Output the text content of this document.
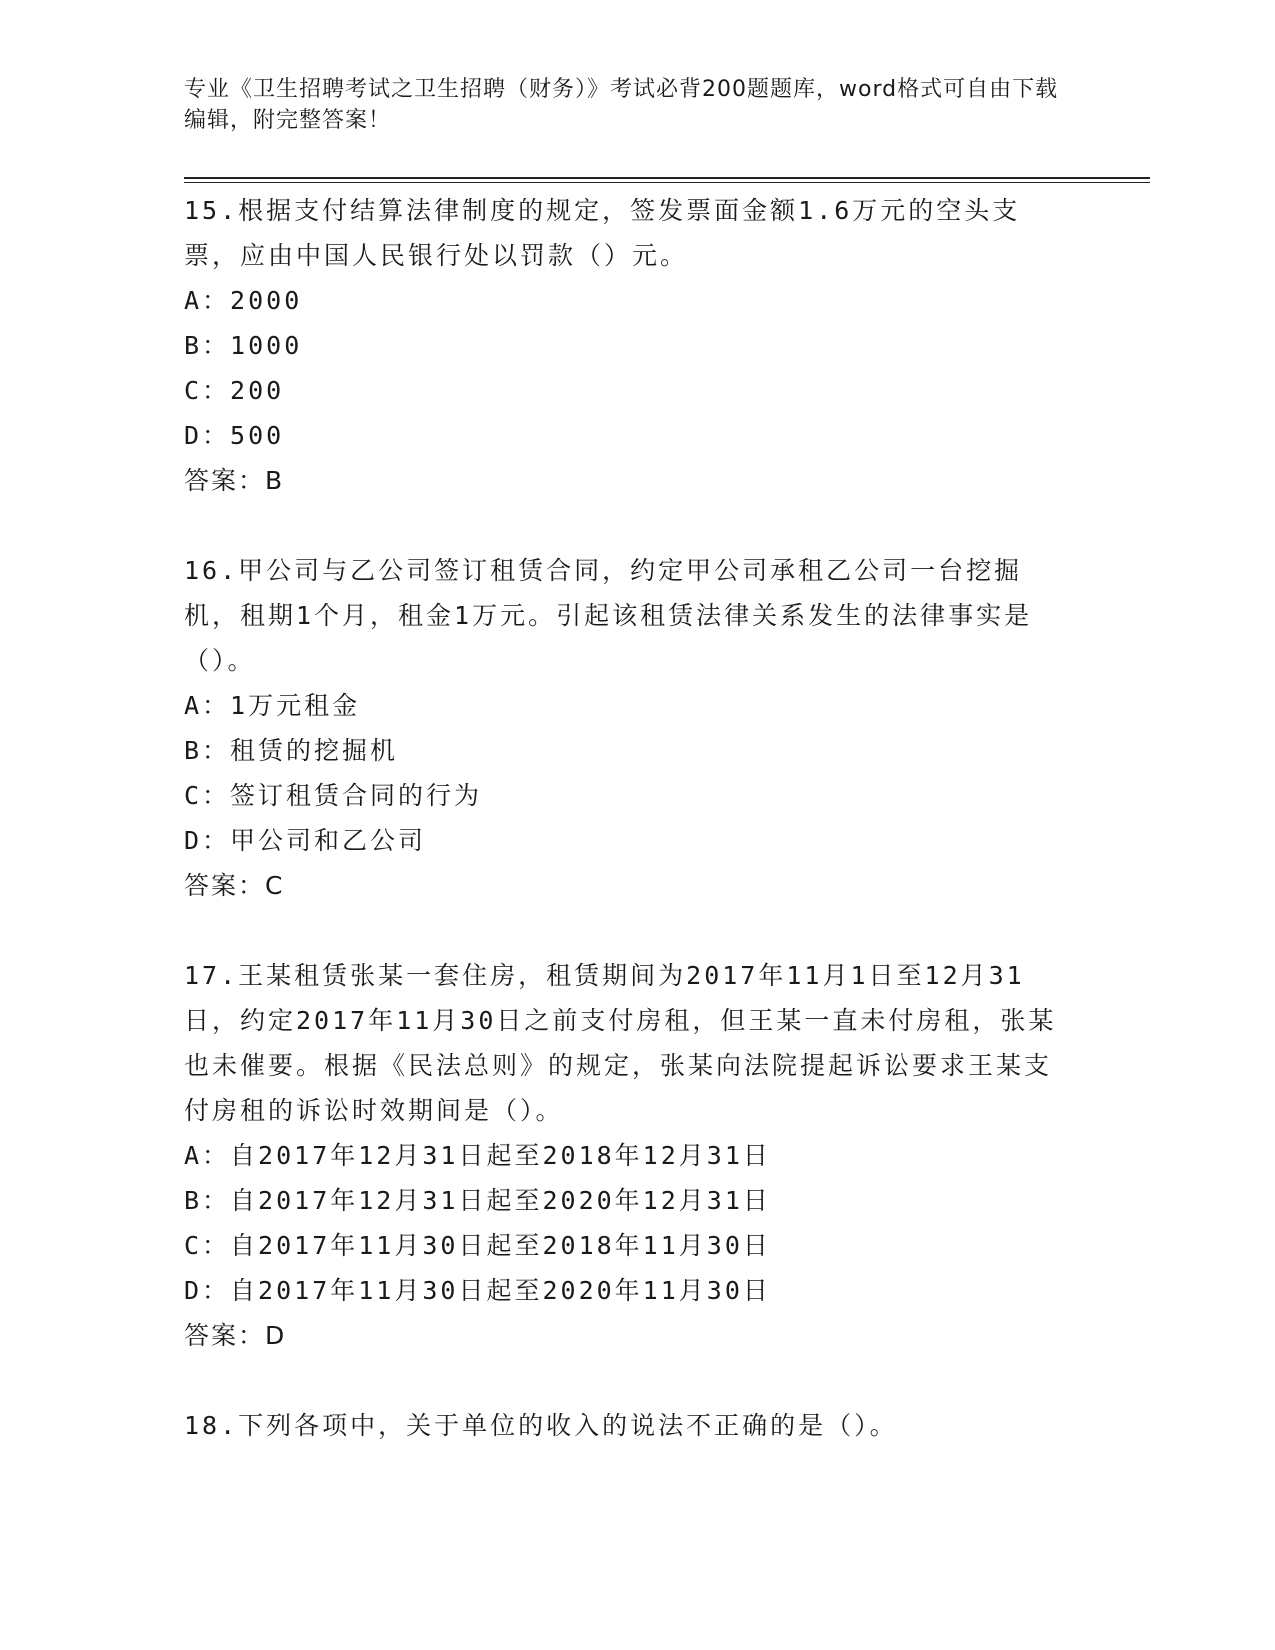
专业《卫生招聘考试之卫生招聘（财务）》考试必背200题题库，word格式可自由下载编辑，附完整答案！
15.根据支付结算法律制度的规定，签发票面金额1.6万元的空头支票，应由中国人民银行处以罚款（）元。
A：2000
B：1000
C：200
D：500
答案：B
16.甲公司与乙公司签订租赁合同，约定甲公司承租乙公司一台挖掘机，租期1个月，租金1万元。引起该租赁法律关系发生的法律事实是（）。
A：1万元租金
B：租赁的挖掘机
C：签订租赁合同的行为
D：甲公司和乙公司
答案：C
17.王某租赁张某一套住房，租赁期间为2017年11月1日至12月31日，约定2017年11月30日之前支付房租，但王某一直未付房租，张某也未催要。根据《民法总则》的规定，张某向法院提起诉讼要求王某支付房租的诉讼时效期间是（）。
A：自2017年12月31日起至2018年12月31日
B：自2017年12月31日起至2020年12月31日
C：自2017年11月30日起至2018年11月30日
D：自2017年11月30日起至2020年11月30日
答案：D
18.下列各项中，关于单位的收入的说法不正确的是（）。
